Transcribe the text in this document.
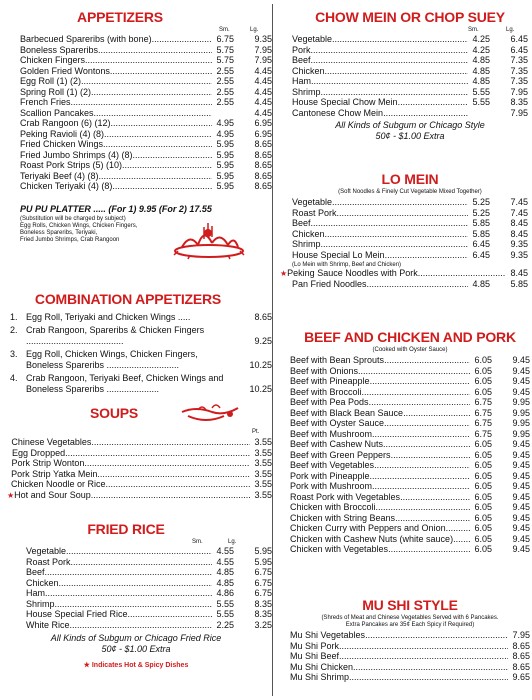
APPETIZERS
Sm.	Lg.
Barbecued Spareribs (with bone) .....	6.75	9.35
Boneless Spareribs .....	5.75	7.95
Chicken Fingers .....	5.75	7.95
Golden Fried Wontons .....	2.55	4.45
Egg Roll (1) (2) .....	2.55	4.45
Spring Roll (1) (2) .....	2.55	4.45
French Fries .....	2.55	4.45
Scallion Pancakes .....	4.45
Crab Rangoon (6) (12) .....	4.95	6.95
Peking Ravioli (4) (8) .....	4.95	6.95
Fried Chicken Wings .....	5.95	8.65
Fried Jumbo Shrimps (4) (8) .....	5.95	8.65
Roast Pork Strips (5) (10) .....	5.95	8.65
Teriyaki Beef (4) (8) .....	5.95	8.65
Chicken Teriyaki (4) (8) .....	5.95	8.65
PU PU PLATTER ..... (For 1) 9.95 (For 2) 17.55
(Substitution will be charged by subject)
Egg Rolls, Chicken Wings, Chicken Fingers,
Boneless Spareribs, Teriyaki,
Fried Jumbo Shrimps, Crab Rangoon
COMBINATION APPETIZERS
1. Egg Roll, Teriyaki and Chicken Wings .....	8.65
2. Crab Rangoon, Spareribs & Chicken Fingers .......................................	9.25
3. Egg Roll, Chicken Wings, Chicken Fingers, Boneless Spareribs .............................	10.25
4. Crab Rangoon, Teriyaki Beef, Chicken Wings and Boneless Spareribs .....................	10.25
SOUPS
Pt.
Chinese Vegetables .....	3.55
Egg Dropped .....	3.55
Pork Strip Wonton .....	3.55
Pork Strip Yatka Mein .....	3.55
Chicken Noodle or Rice .....	3.55
★ Hot and Sour Soup .....	3.55
FRIED RICE
Sm.	Lg.
Vegetable .....	4.55	5.95
Roast Pork .....	4.55	5.95
Beef .....	4.85	6.75
Chicken .....	4.85	6.75
Ham .....	4.86	6.75
Shrimp .....	5.55	8.35
House Special Fried Rice .....	5.55	8.35
White Rice .....	2.25	3.25
All Kinds of Subgum or Chicago Fried Rice
50¢ - $1.00 Extra
★ Indicates Hot & Spicy Dishes
CHOW MEIN OR CHOP SUEY
Sm.	Lg.
Vegetable .....	4.25	6.45
Pork .....	4.25	6.45
Beef .....	4.85	7.35
Chicken .....	4.85	7.35
Ham .....	4.85	7.35
Shrimp .....	5.55	7.95
House Special Chow Mein .....	5.55	8.35
Cantonese Chow Mein .....	7.95
All Kinds of Subgum or Chicago Style
50¢ - $1.00 Extra
LO MEIN
(Soft Noodles & Finely Cut Vegetable Mixed Together)
Vegetable .....	5.25	7.45
Roast Pork .....	5.25	7.45
Beef .....	5.85	8.45
Chicken .....	5.85	8.45
Shrimp .....	6.45	9.35
House Special Lo Mein .....	6.45	9.35
(Lo Mein with Shrimp, Beef and Chicken)
★ Peking Sauce Noodles with Pork .....	8.45
Pan Fried Noodles .....	4.85	5.85
BEEF AND CHICKEN AND PORK
(Cooked with Oyster Sauce)
Beef with Bean Sprouts .....	6.05	9.45
Beef with Onions .....	6.05	9.45
Beef with Pineapple .....	6.05	9.45
Beef with Broccoli .....	6.05	9.45
Beef with Pea Pods .....	6.75	9.95
Beef with Black Bean Sauce .....	6.75	9.95
Beef with Oyster Sauce .....	6.75	9.95
Beef with Mushroom .....	6.75	9.95
Beef with Cashew Nuts .....	6.05	9.45
Beef with Green Peppers .....	6.05	9.45
Beef with Vegetables .....	6.05	9.45
Pork with Pineapple .....	6.05	9.45
Pork with Mushroom .....	6.05	9.45
Roast Pork with Vegetables .....	6.05	9.45
Chicken with Broccoli .....	6.05	9.45
Chicken with String Beans .....	6.05	9.45
Chicken Curry with Peppers and Onion .....	6.05	9.45
Chicken with Cashew Nuts (white sauce) .....	6.05	9.45
Chicken with Vegetables .....	6.05	9.45
MU SHI STYLE
(Shreds of Meat and Chinese Vegetables Served with 6 Pancakes.
Extra Pancakes are 35¢ Each Spicy if Required)
Mu Shi Vegetables .....	7.95
Mu Shi Pork .....	8.65
Mu Shi Beef .....	8.65
Mu Shi Chicken .....	8.65
Mu Shi Shrimp .....	9.65
